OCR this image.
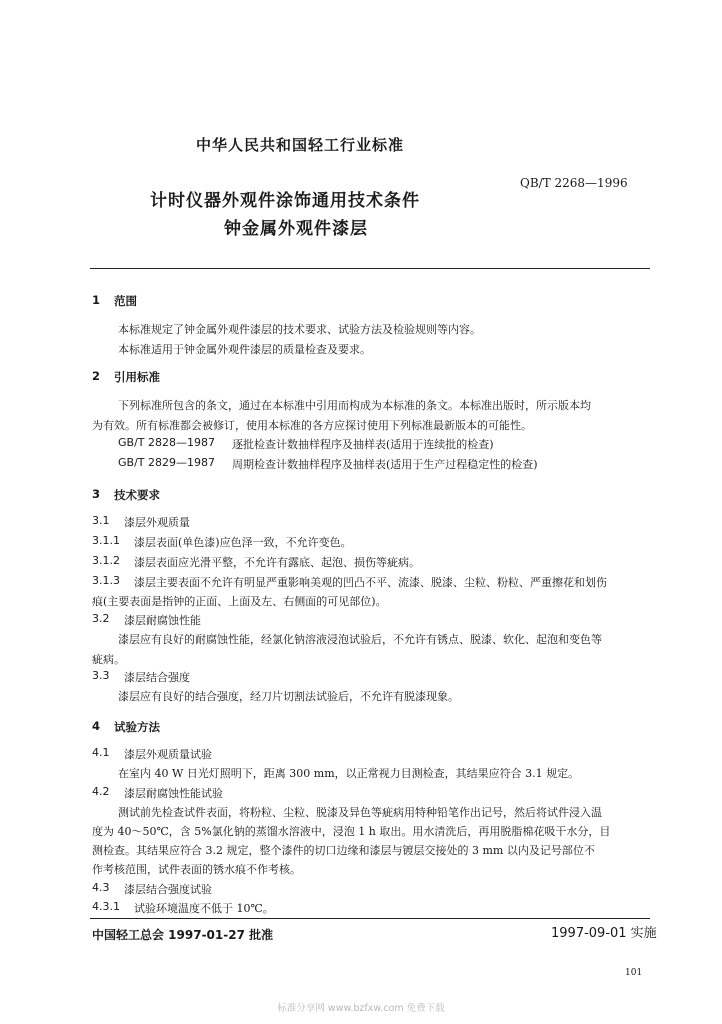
中华人民共和国轻工行业标准
QB/T 2268—1996
计时仪器外观件涂饰通用技术条件
钟金属外观件漆层
1 范围
本标准规定了钟金属外观件漆层的技术要求、试验方法及检验规则等内容。
本标准适用于钟金属外观件漆层的质量检查及要求。
2 引用标准
下列标准所包含的条文，通过在本标准中引用而构成为本标准的条文。本标准出版时，所示版本均
为有效。所有标准都会被修订，使用本标准的各方应探讨使用下列标准最新版本的可能性。
GB/T 2828—1987 逐批检查计数抽样程序及抽样表(适用于连续批的检查)
GB/T 2829—1987 周期检查计数抽样程序及抽样表(适用于生产过程稳定性的检查)
3 技术要求
3.1 漆层外观质量
3.1.1 漆层表面(单色漆)应色泽一致，不允许变色。
3.1.2 漆层表面应光滑平整，不允许有露底、起泡、损伤等疵病。
3.1.3 漆层主要表面不允许有明显严重影响美观的凹凸不平、流漆、脱漆、尘粒、粉粒、严重擦花和划伤
痕(主要表面是指钟的正面、上面及左、右侧面的可见部位)。
3.2 漆层耐腐蚀性能
漆层应有良好的耐腐蚀性能，经氯化钠溶液浸泡试验后，不允许有锈点、脱漆、软化、起泡和变色等
疵病。
3.3 漆层结合强度
漆层应有良好的结合强度，经刀片切割法试验后，不允许有脱漆现象。
4 试验方法
4.1 漆层外观质量试验
在室内 40 W 日光灯照明下，距离 300 mm，以正常视力目测检查，其结果应符合 3.1 规定。
4.2 漆层耐腐蚀性能试验
测试前先检查试件表面，将粉粒、尘粒、脱漆及异色等疵病用特种铅笔作出记号，然后将试件浸入温
度为 40～50℃，含 5%氯化钠的蒸馏水溶液中，浸泡 1 h 取出。用水清洗后，再用脱脂棉花吸干水分，目
测检查。其结果应符合 3.2 规定，整个漆件的切口边缘和漆层与镀层交接处的 3 mm 以内及记号部位不
作考核范围，试件表面的锈水痕不作考核。
4.3 漆层结合强度试验
4.3.1 试验环境温度不低于 10℃。
中国轻工总会 1997-01-27 批准	1997-09-01 实施
101
标准分享网 www.bzfxw.com 免费下载
